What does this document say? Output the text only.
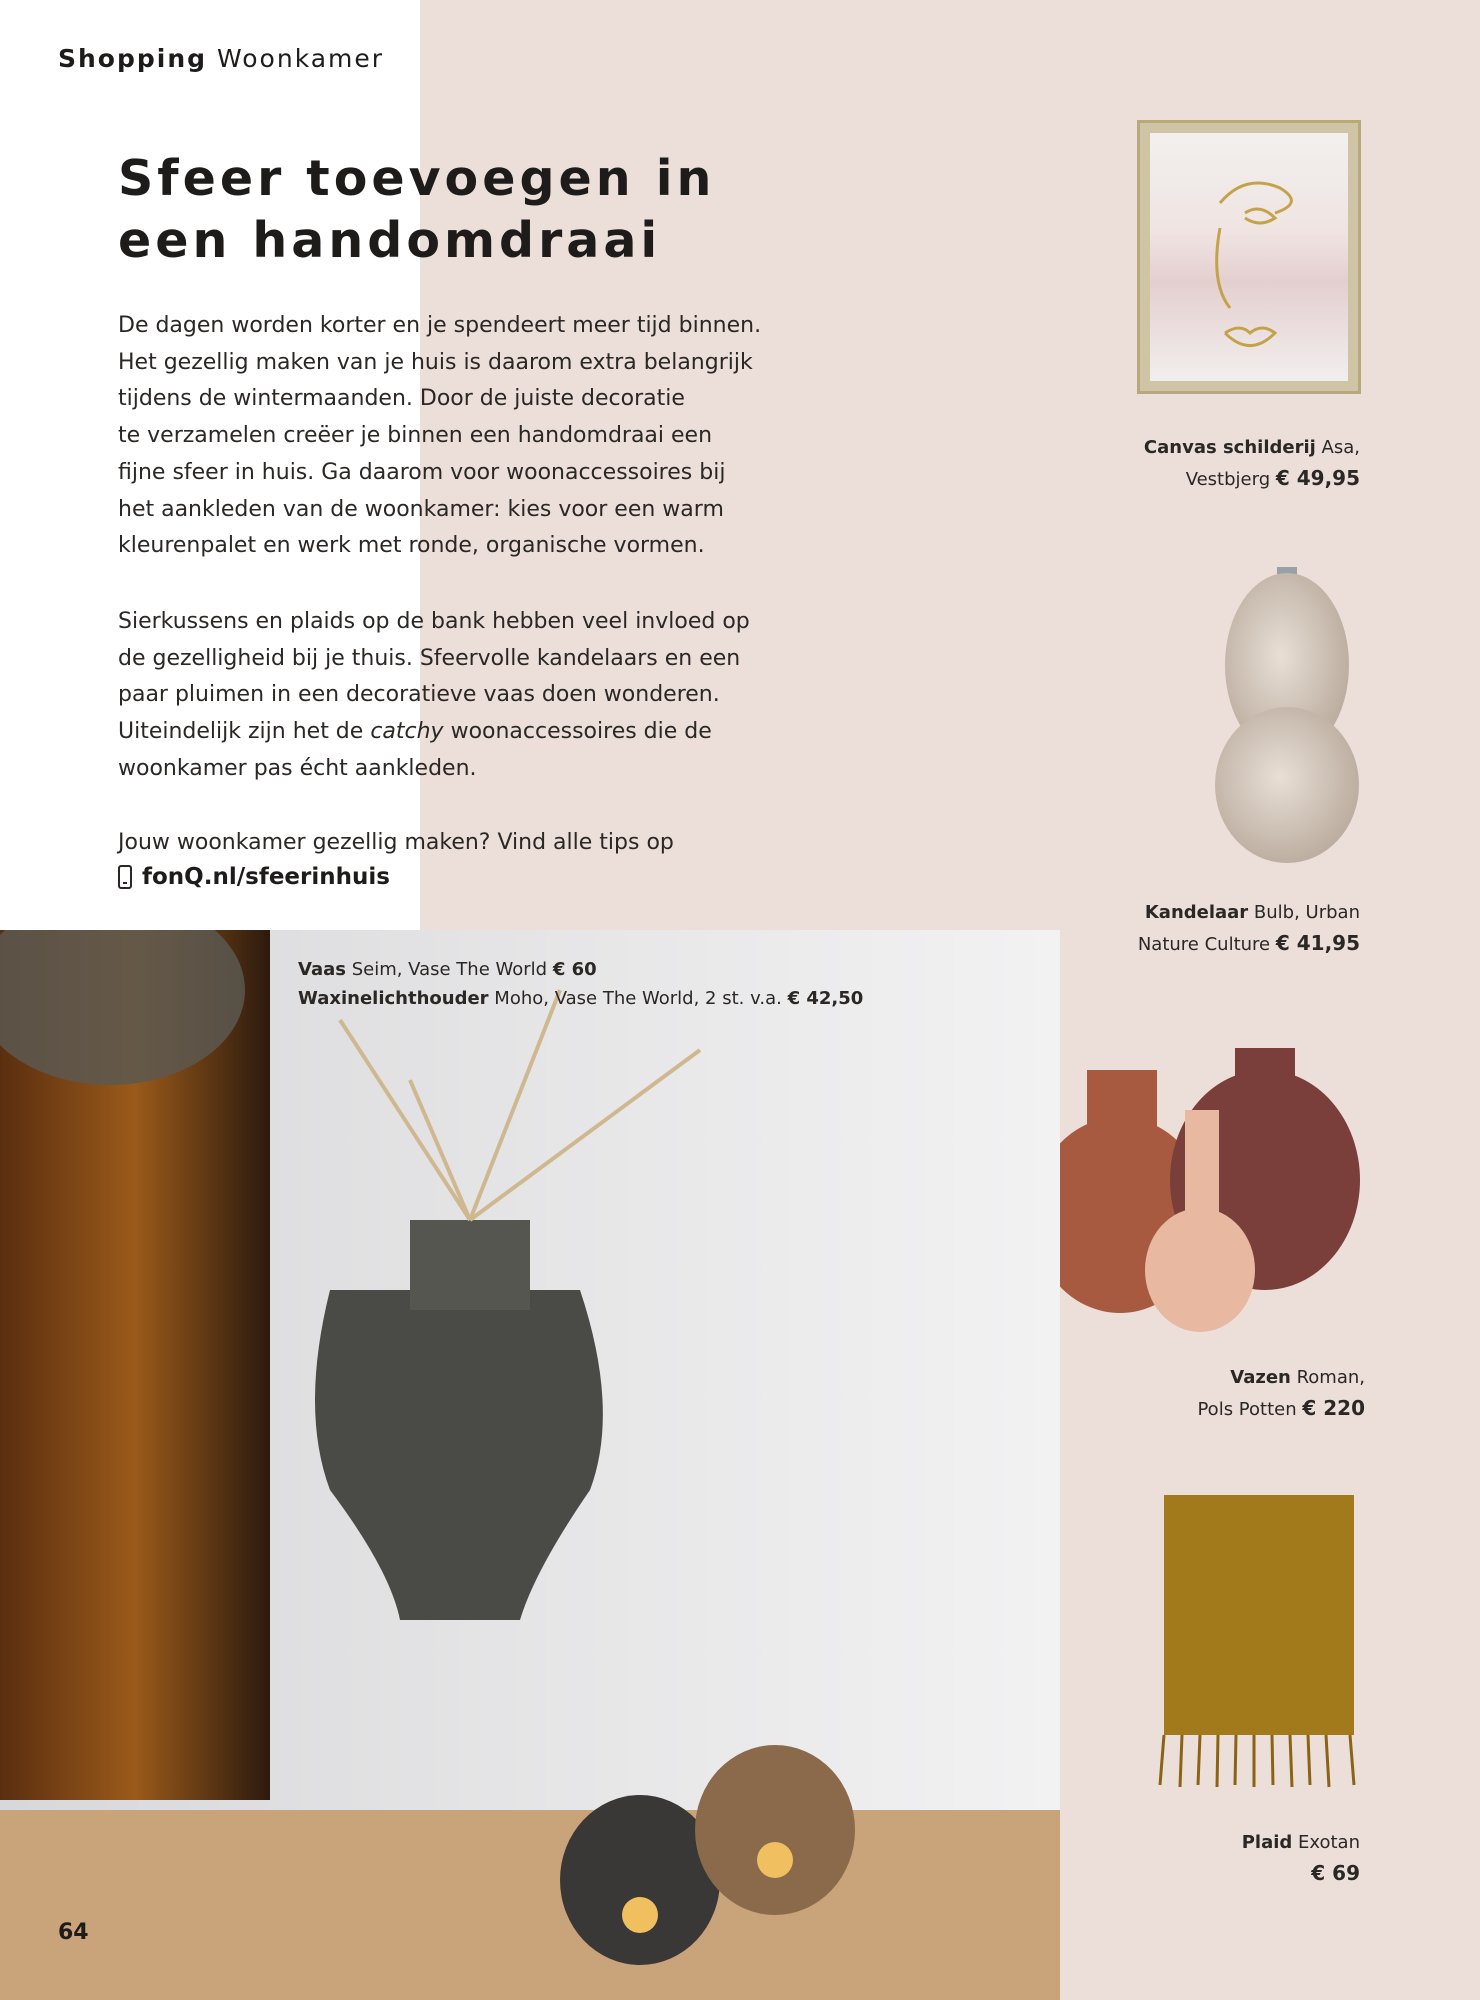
Shopping Woonkamer
Sfeer toevoegen in
een handomdraai

De dagen worden korter en je spendeert meer tijd binnen.
Het gezellig maken van je huis is daarom extra belangrijk
tijdens de wintermaanden. Door de juiste decoratie
te verzamelen creëer je binnen een handomdraai een
fijne sfeer in huis. Ga daarom voor woonaccessoires bij
het aankleden van de woonkamer: kies voor een warm
kleurenpalet en werk met ronde, organische vormen.

Sierkussens en plaids op de bank hebben veel invloed op
de gezelligheid bij je thuis. Sfeervolle kandelaars en een
paar pluimen in een decoratieve vaas doen wonderen.
Uiteindelijk zijn het de catchy woonaccessoires die de
woonkamer pas écht aankleden.

Jouw woonkamer gezellig maken? Vind alle tips op

fonQ.nl/sfeerinhuis
Canvas schilderij Asa,
Vestbjerg € 49,95
Kandelaar Bulb, Urban
Nature Culture € 41,95
Vazen Roman,
Pols Potten € 220
Plaid Exotan
€ 69
Vaas Seim, Vase The World € 60
Waxinelichthouder Moho, Vase The World, 2 st. v.a. € 42,50
64
